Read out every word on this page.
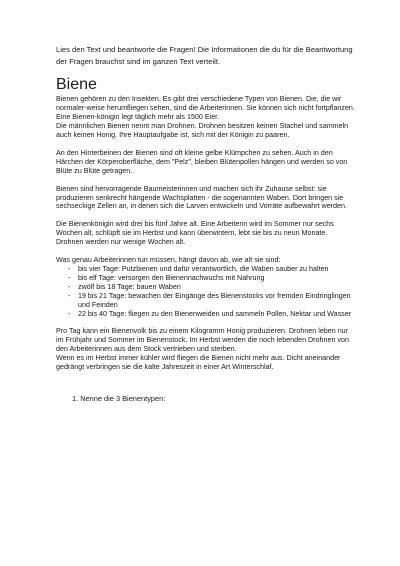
Lies den Text und beantworte die Fragen! Die Informationen die du für die Beantwortung der Fragen brauchst sind im ganzen Text verteilt.
Biene

Bienen gehören zu den Insekten. Es gibt drei verschiedene Typen von Bienen. Die, die wir normaler-weise herumfliegen sehen, sind die Arbeiterinnen. Sie können sich nicht fortpflanzen. Eine Bienen-königin legt täglich mehr als 1500 Eier.

Die männlichen Bienen nennt man Drohnen. Drohnen besitzen keinen Stachel und sammeln auch keinen Honig. Ihre Hauptaufgabe ist, sich mit der Königin zu paaren.

An den Hinterbeinen der Bienen sind oft kleine gelbe Klümpchen zu sehen. Auch in den Härchen der Körperoberfläche, dem "Pelz", bleiben Blütenpollen hängen und werden so von Blüte zu Blüte getragen.

Bienen sind hervorragende Baumeisterinnen und machen sich ihr Zuhause selbst: sie produzieren senkrecht hängende Wachsplatten - die sogenannten Waben. Dort bringen sie sechseckige Zellen an, in denen sich die Larven entwickeln und Vorräte aufbewahrt werden.

Die Bienenkönigin wird drei bis fünf Jahre alt. Eine Arbeiterin wird im Sommer nur sechs Wochen alt, schlüpft sie im Herbst und kann überwintern, lebt sie bis zu neun Monate. Drohnen werden nur wenige Wochen alt.

Was genau Arbeiterinnen tun müssen, hängt davon ab, wie alt sie sind:

- bis vier Tage: Putzbienen und dafür verantwortlich, die Waben sauber zu halten
- bis elf Tage: versorgen den Bienennachwuchs mit Nahrung
- zwölf bis 18 Tage: bauen Waben
- 19 bis 21 Tage: bewachen der Eingänge des Bienenstocks vor fremden Eindringlingen und Feinden
- 22 bis 40 Tage: fliegen zu den Bienenweiden und sammeln Pollen, Nektar und Wasser

Pro Tag kann ein Bienenvolk bis zu einem Kilogramm Honig produzieren. Drohnen leben nur im Frühjahr und Sommer im Bienenstock. Im Herbst werden die noch lebenden Drohnen von den Arbeiterinnen aus dem Stock vertrieben und sterben.

Wenn es im Herbst immer kühler wird fliegen die Bienen nicht mehr aus. Dicht aneinander gedrängt verbringen sie die kalte Jahreszeit in einer Art Winterschlaf.

1. Nenne die 3 Bienentypen:
